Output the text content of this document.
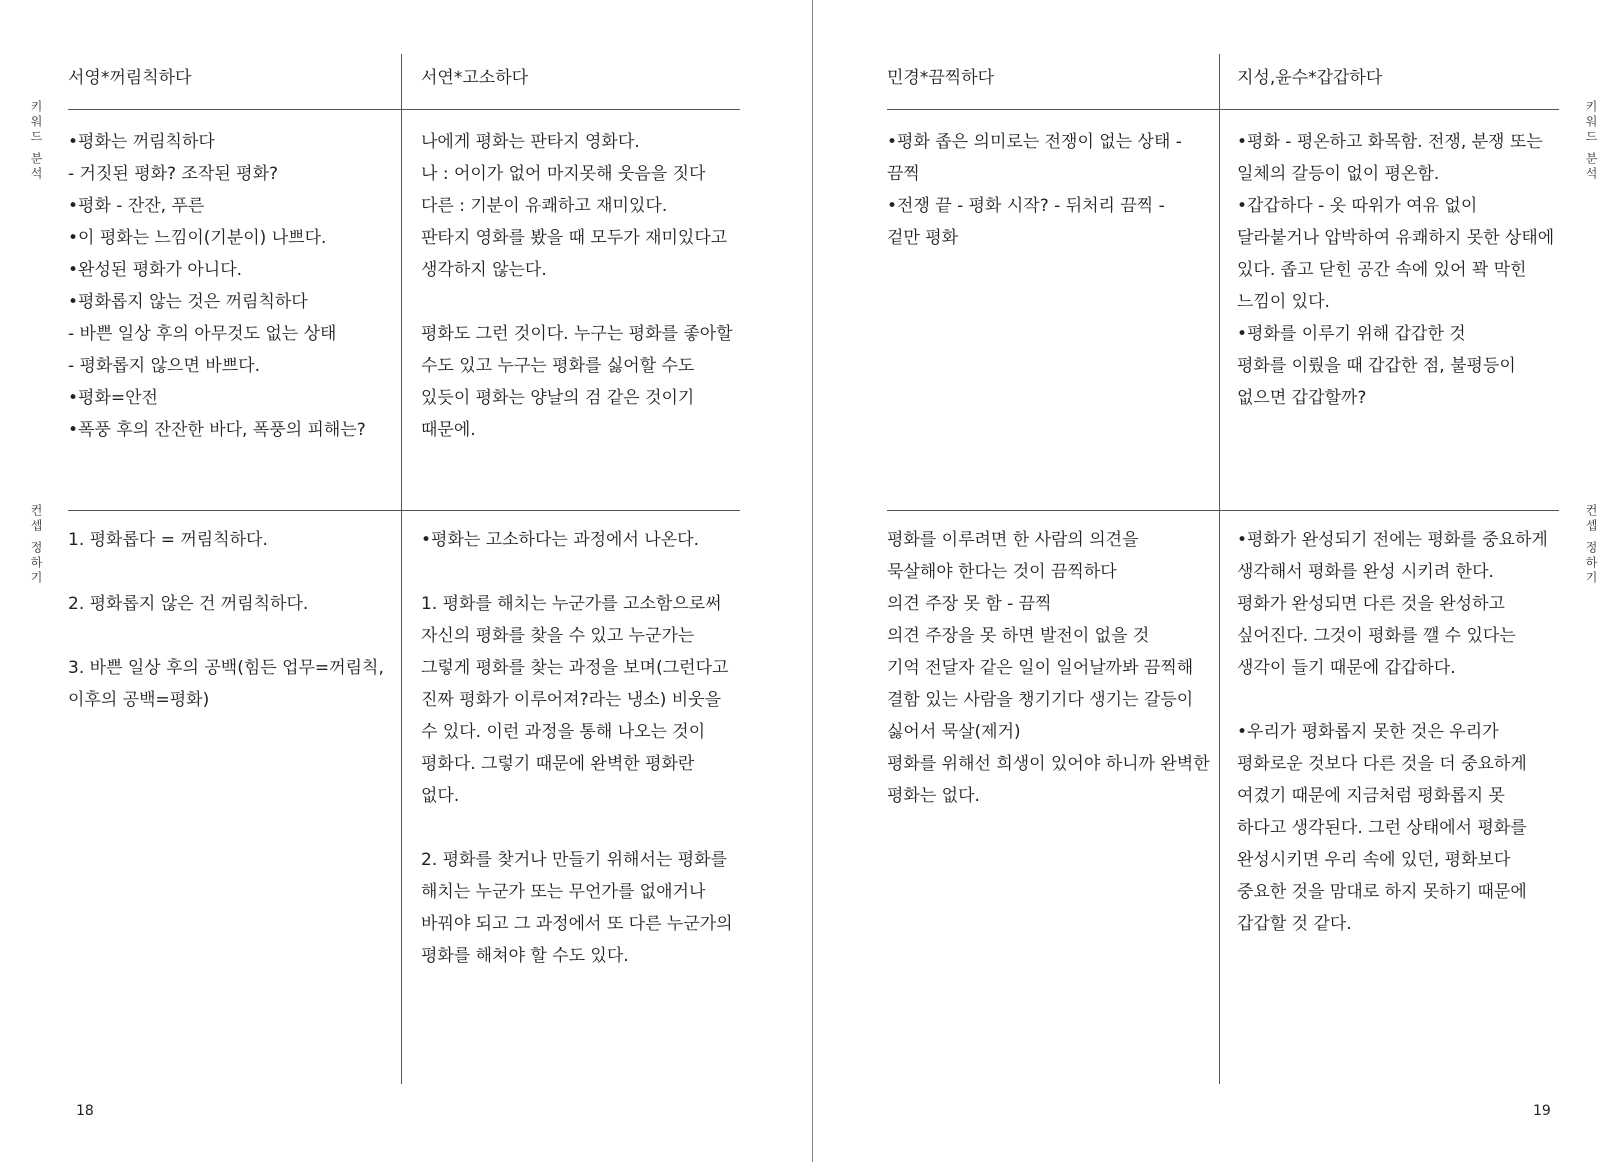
키워드 분석
컨셉 정하기
서영*꺼림칙하다	서연*고소하다
•평화는 꺼림칙하다
- 거짓된 평화? 조작된 평화?
•평화 - 잔잔, 푸른
•이 평화는 느낌이(기분이) 나쁘다.
•완성된 평화가 아니다.
•평화롭지 않는 것은 꺼림칙하다
- 바쁜 일상 후의 아무것도 없는 상태
- 평화롭지 않으면 바쁘다.
•평화=안전
•폭풍 후의 잔잔한 바다, 폭풍의 피해는?
나에게 평화는 판타지 영화다.
나 : 어이가 없어 마지못해 웃음을 짓다
다른 : 기분이 유쾌하고 재미있다.
판타지 영화를 봤을 때 모두가 재미있다고
생각하지 않는다.

평화도 그런 것이다. 누구는 평화를 좋아할
수도 있고 누구는 평화를 싫어할 수도
있듯이 평화는 양날의 검 같은 것이기
때문에.
1. 평화롭다 = 꺼림칙하다.

2. 평화롭지 않은 건 꺼림칙하다.

3. 바쁜 일상 후의 공백(힘든 업무=꺼림칙,
이후의 공백=평화)
•평화는 고소하다는 과정에서 나온다.

1. 평화를 해치는 누군가를 고소함으로써
자신의 평화를 찾을 수 있고 누군가는
그렇게 평화를 찾는 과정을 보며(그런다고
진짜 평화가 이루어져?라는 냉소) 비웃을
수 있다. 이런 과정을 통해 나오는 것이
평화다. 그렇기 때문에 완벽한 평화란
없다.

2. 평화를 찾거나 만들기 위해서는 평화를
해치는 누군가 또는 무언가를 없애거나
바꿔야 되고 그 과정에서 또 다른 누군가의
평화를 해쳐야 할 수도 있다.
18
민경*끔찍하다	지성,윤수*갑갑하다
•평화 좁은 의미로는 전쟁이 없는 상태 -
끔찍
•전쟁 끝 - 평화 시작? - 뒤처리 끔찍 -
겉만 평화
•평화 - 평온하고 화목함. 전쟁, 분쟁 또는
일체의 갈등이 없이 평온함.
•갑갑하다 - 옷 따위가 여유 없이
달라붙거나 압박하여 유쾌하지 못한 상태에
있다. 좁고 닫힌 공간 속에 있어 꽉 막힌
느낌이 있다.
•평화를 이루기 위해 갑갑한 것
평화를 이뤘을 때 갑갑한 점, 불평등이
없으면 갑갑할까?
평화를 이루려면 한 사람의 의견을
묵살해야 한다는 것이 끔찍하다
의견 주장 못 함 - 끔찍
의견 주장을 못 하면 발전이 없을 것
기억 전달자 같은 일이 일어날까봐 끔찍해
결함 있는 사람을 챙기기다 생기는 갈등이
싫어서 묵살(제거)
평화를 위해선 희생이 있어야 하니까 완벽한
평화는 없다.
•평화가 완성되기 전에는 평화를 중요하게
생각해서 평화를 완성 시키려 한다.
평화가 완성되면 다른 것을 완성하고
싶어진다. 그것이 평화를 깰 수 있다는
생각이 들기 때문에 갑갑하다.

•우리가 평화롭지 못한 것은 우리가
평화로운 것보다 다른 것을 더 중요하게
여겼기 때문에 지금처럼 평화롭지 못
하다고 생각된다. 그런 상태에서 평화를
완성시키면 우리 속에 있던, 평화보다
중요한 것을 맘대로 하지 못하기 때문에
갑갑할 것 같다.
키워드 분석
컨셉 정하기
19
